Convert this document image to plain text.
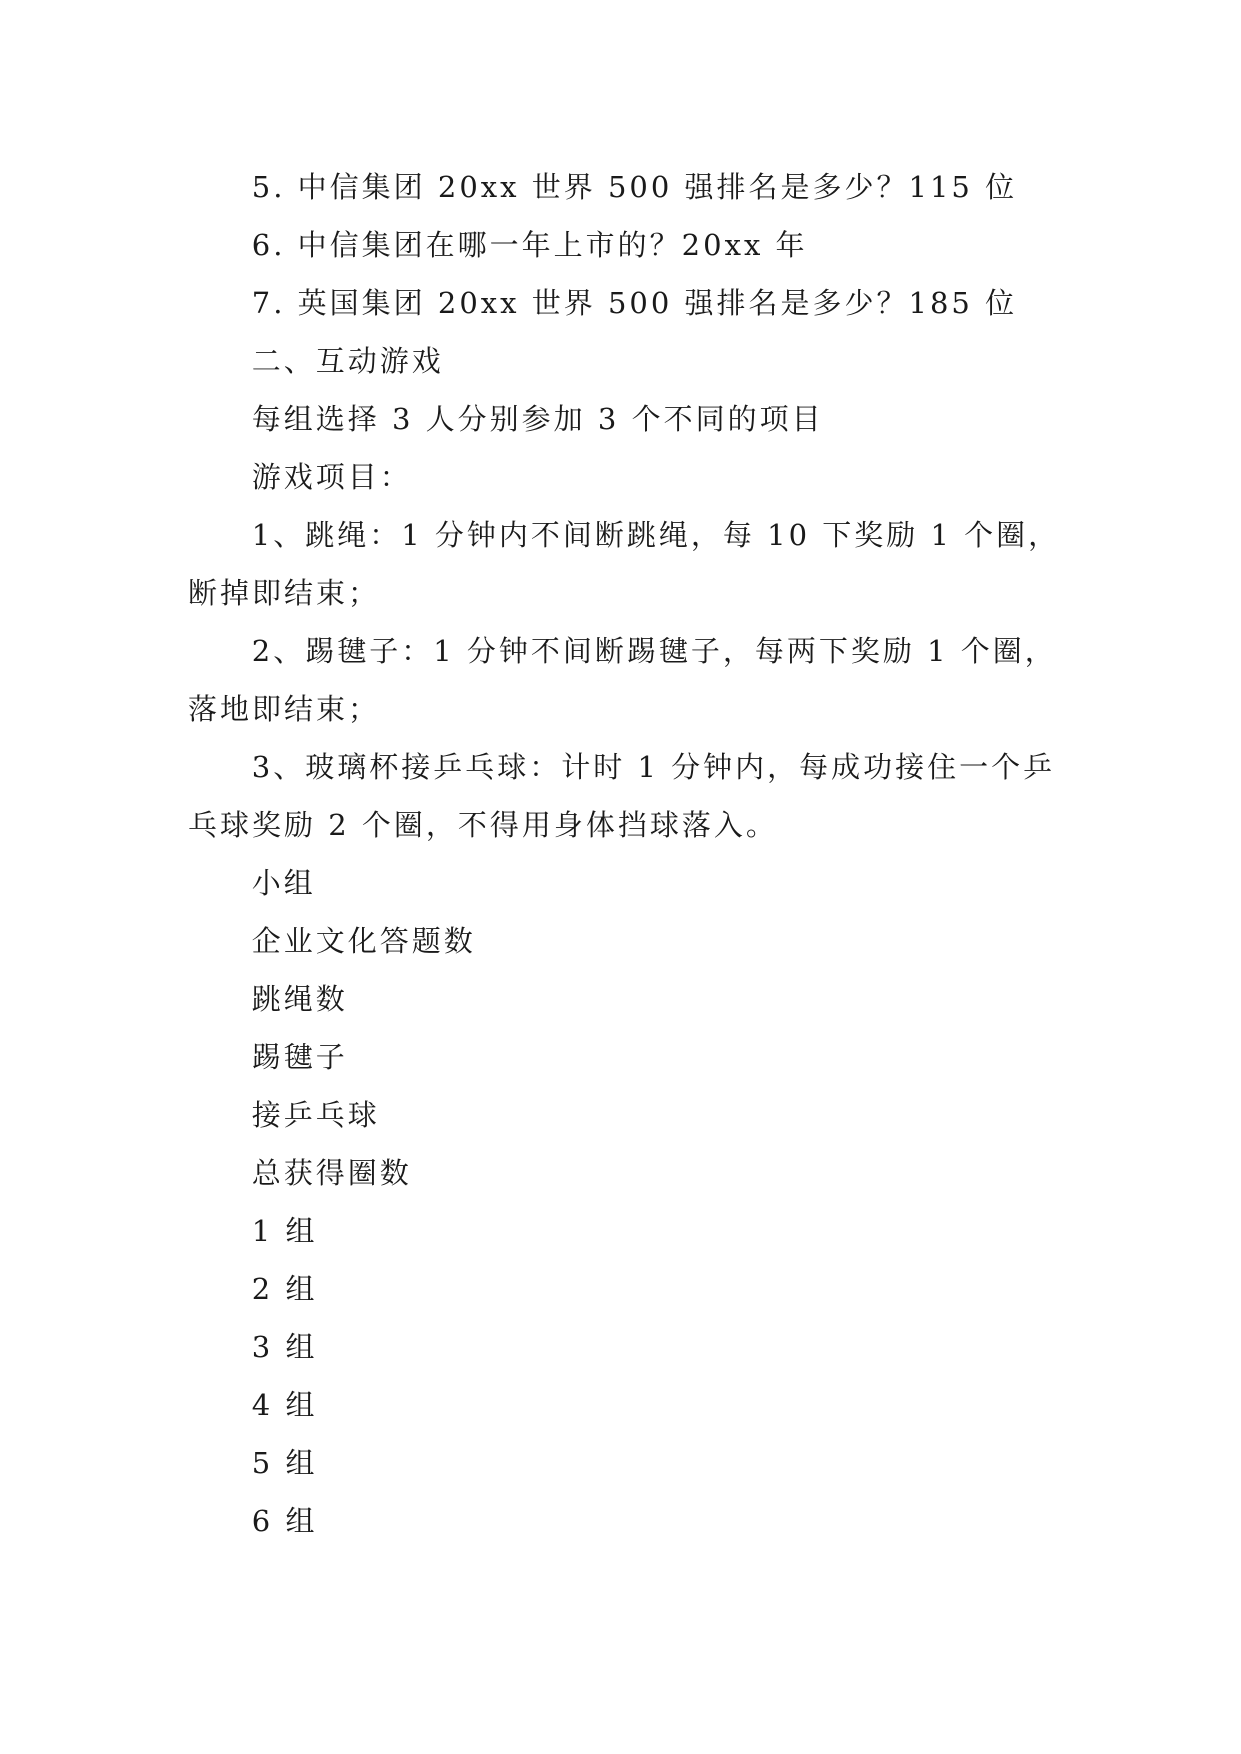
5. 中信集团 20xx 世界 500 强排名是多少？115 位

6. 中信集团在哪一年上市的？20xx 年

7. 英国集团 20xx 世界 500 强排名是多少？185 位

二、互动游戏

每组选择 3 人分别参加 3 个不同的项目

游戏项目：

1、跳绳：1 分钟内不间断跳绳，每 10 下奖励 1 个圈，断掉即结束；

2、踢毽子：1 分钟不间断踢毽子，每两下奖励 1 个圈，落地即结束；

3、玻璃杯接乒乓球：计时 1 分钟内，每成功接住一个乒乓球奖励 2 个圈，不得用身体挡球落入。

小组

企业文化答题数

跳绳数

踢毽子

接乒乓球

总获得圈数

1 组

2 组

3 组

4 组

5 组

6 组
